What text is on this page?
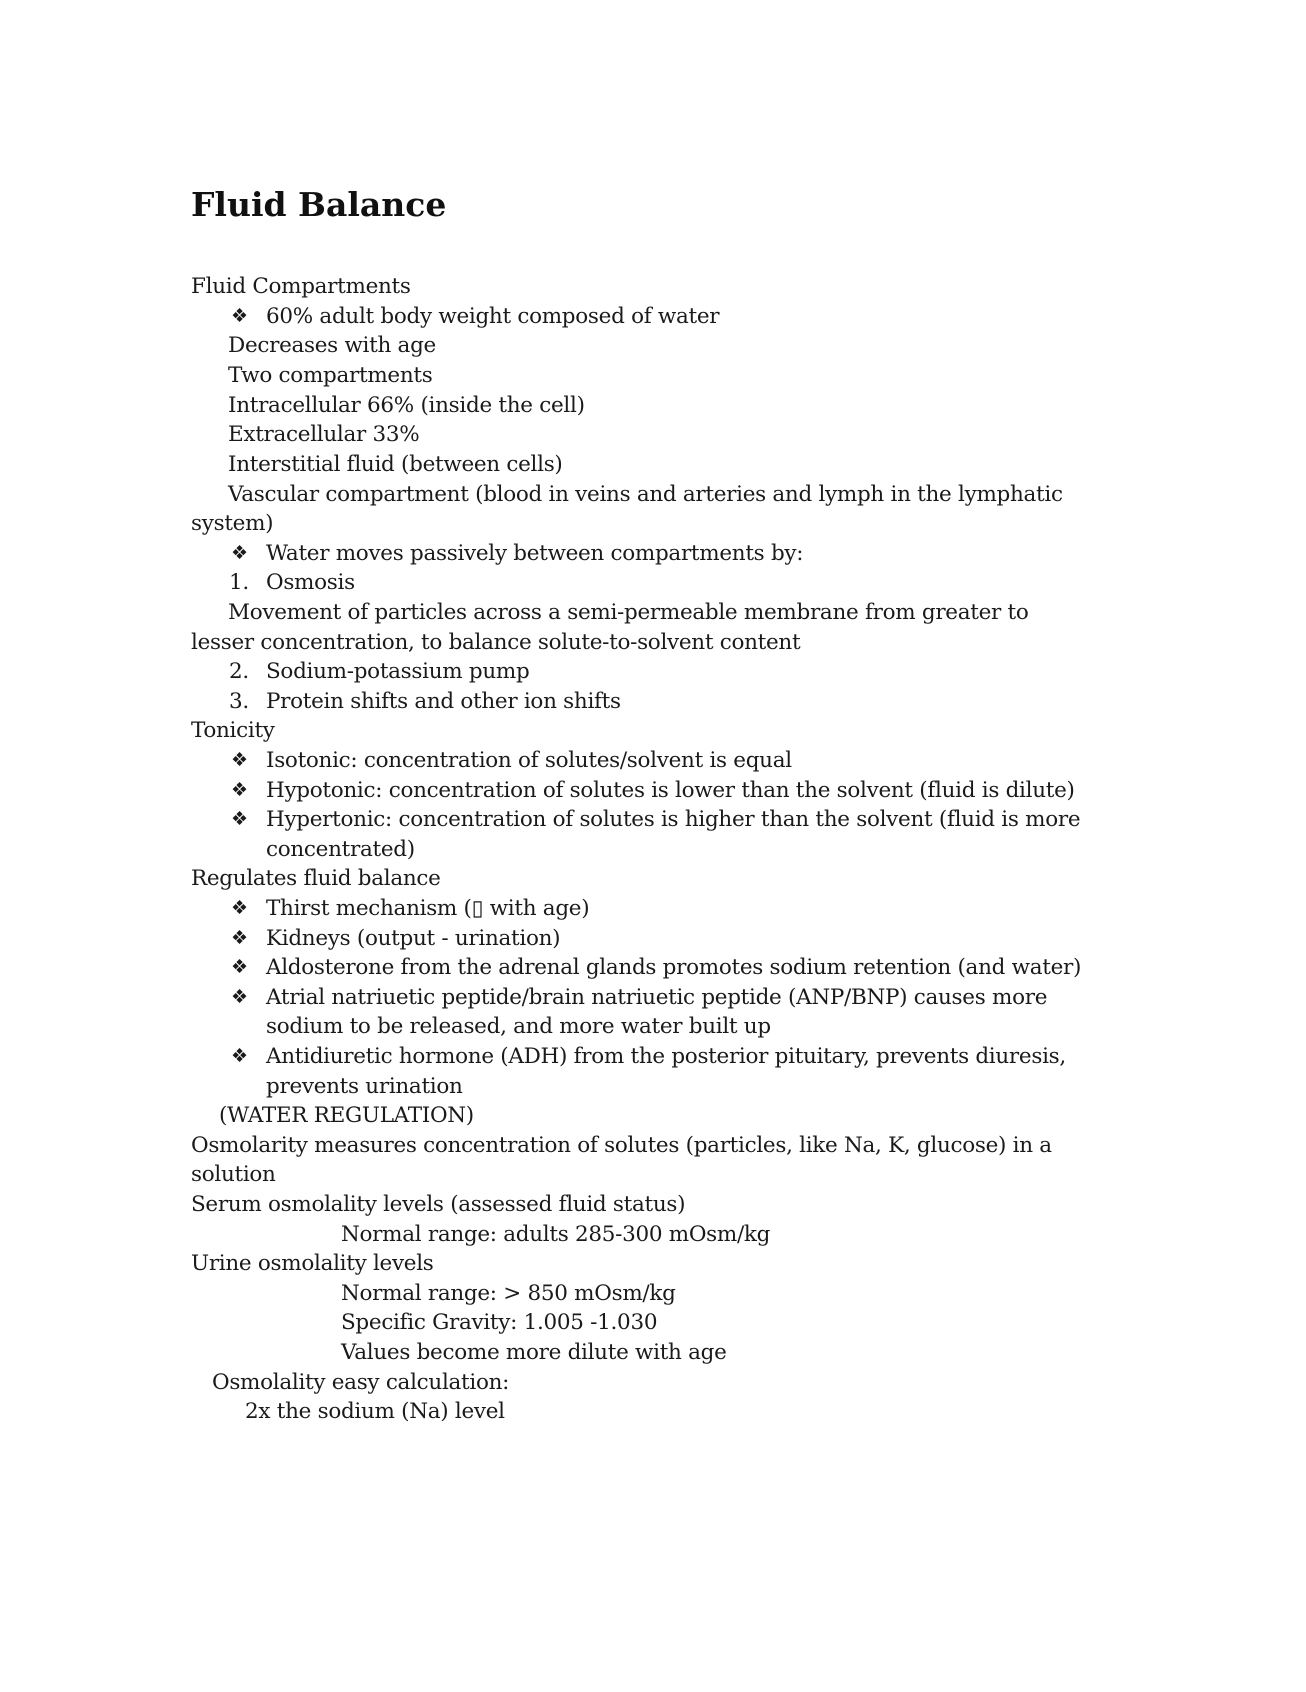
Fluid Balance
Fluid Compartments
❖ 60% adult body weight composed of water
Decreases with age
Two compartments
Intracellular 66% (inside the cell)
Extracellular 33%
Interstitial fluid (between cells)
Vascular compartment (blood in veins and arteries and lymph in the lymphatic
system)
❖ Water moves passively between compartments by:
1. Osmosis
Movement of particles across a semi-permeable membrane from greater to
lesser concentration, to balance solute-to-solvent content
2. Sodium-potassium pump
3. Protein shifts and other ion shifts
Tonicity
❖ Isotonic: concentration of solutes/solvent is equal
❖ Hypotonic: concentration of solutes is lower than the solvent (fluid is dilute)
❖ Hypertonic: concentration of solutes is higher than the solvent (fluid is more
concentrated)
Regulates fluid balance
❖ Thirst mechanism (▯ with age)
❖ Kidneys (output - urination)
❖ Aldosterone from the adrenal glands promotes sodium retention (and water)
❖ Atrial natriuetic peptide/brain natriuetic peptide (ANP/BNP) causes more
sodium to be released, and more water built up
❖ Antidiuretic hormone (ADH) from the posterior pituitary, prevents diuresis,
prevents urination
(WATER REGULATION)
Osmolarity measures concentration of solutes (particles, like Na, K, glucose) in a
solution
Serum osmolality levels (assessed fluid status)
Normal range: adults 285-300 mOsm/kg
Urine osmolality levels
Normal range: > 850 mOsm/kg
Specific Gravity: 1.005 -1.030
Values become more dilute with age
Osmolality easy calculation:
2x the sodium (Na) level
